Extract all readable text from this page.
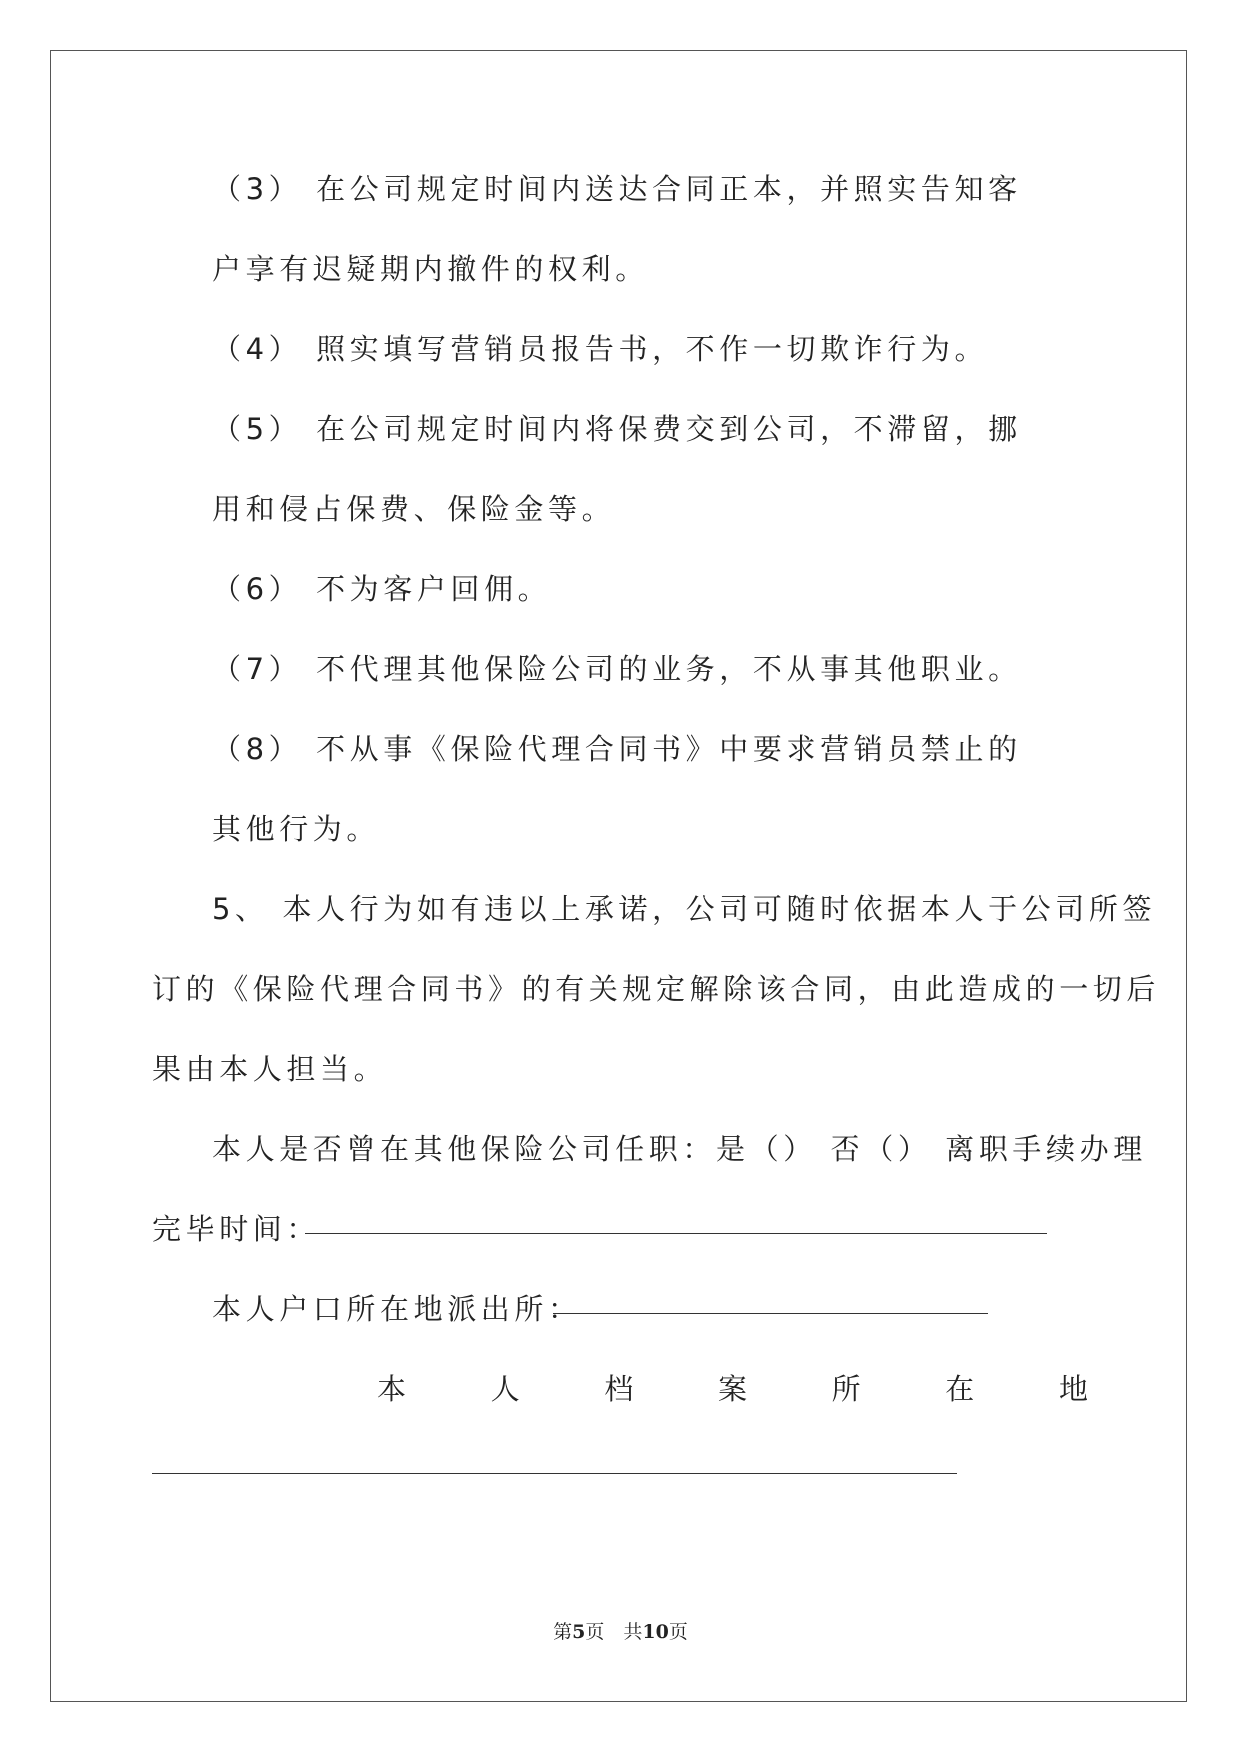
（3） 在公司规定时间内送达合同正本，并照实告知客
户享有迟疑期内撤件的权利。
（4） 照实填写营销员报告书，不作一切欺诈行为。
（5） 在公司规定时间内将保费交到公司，不滞留，挪
用和侵占保费、保险金等。
（6） 不为客户回佣。
（7） 不代理其他保险公司的业务，不从事其他职业。
（8） 不从事《保险代理合同书》中要求营销员禁止的
其他行为。
5、 本人行为如有违以上承诺，公司可随时依据本人于公司所签
订的《保险代理合同书》的有关规定解除该合同，由此造成的一切后
果由本人担当。
本人是否曾在其他保险公司任职：是（） 否（） 离职手续办理
完毕时间：
本人户口所在地派出所：
本	人	档	案	所	在	地
第5页　共10页
